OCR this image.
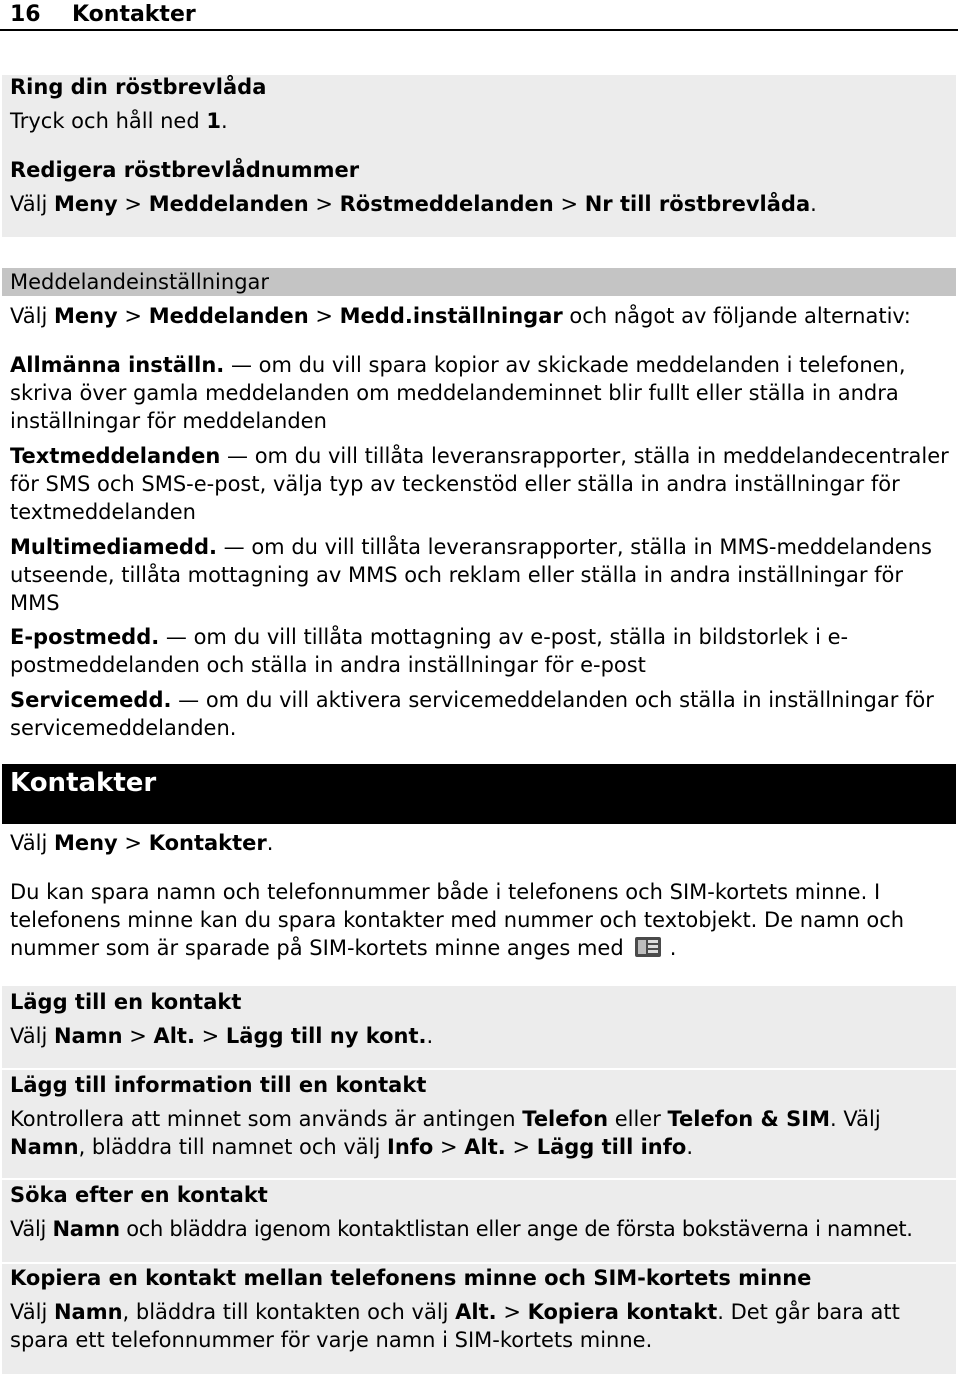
16 Kontakter
Ring din röstbrevlåda
Tryck och håll ned 1.
Redigera röstbrevlådnummer
Välj Meny > Meddelanden > Röstmeddelanden > Nr till röstbrevlåda.
Meddelandeinställningar
Välj Meny > Meddelanden > Medd.inställningar och något av följande alternativ:
Allmänna inställn. — om du vill spara kopior av skickade meddelanden i telefonen, skriva över gamla meddelanden om meddelandeminnet blir fullt eller ställa in andra inställningar för meddelanden
Textmeddelanden — om du vill tillåta leveransrapporter, ställa in meddelandecentraler för SMS och SMS-e-post, välja typ av teckenstöd eller ställa in andra inställningar för textmeddelanden
Multimediamedd. — om du vill tillåta leveransrapporter, ställa in MMS-meddelandens utseende, tillåta mottagning av MMS och reklam eller ställa in andra inställningar för MMS
E-postmedd. — om du vill tillåta mottagning av e-post, ställa in bildstorlek i e-postmeddelanden och ställa in andra inställningar för e-post
Servicemedd. — om du vill aktivera servicemeddelanden och ställa in inställningar för servicemeddelanden.
Kontakter
Välj Meny > Kontakter.
Du kan spara namn och telefonnummer både i telefonens och SIM-kortets minne. I telefonens minne kan du spara kontakter med nummer och textobjekt. De namn och nummer som är sparade på SIM-kortets minne anges med .
Lägg till en kontakt
Välj Namn > Alt. > Lägg till ny kont..
Lägg till information till en kontakt
Kontrollera att minnet som används är antingen Telefon eller Telefon & SIM. Välj Namn, bläddra till namnet och välj Info > Alt. > Lägg till info.
Söka efter en kontakt
Välj Namn och bläddra igenom kontaktlistan eller ange de första bokstäverna i namnet.
Kopiera en kontakt mellan telefonens minne och SIM-kortets minne
Välj Namn, bläddra till kontakten och välj Alt. > Kopiera kontakt. Det går bara att spara ett telefonnummer för varje namn i SIM-kortets minne.
